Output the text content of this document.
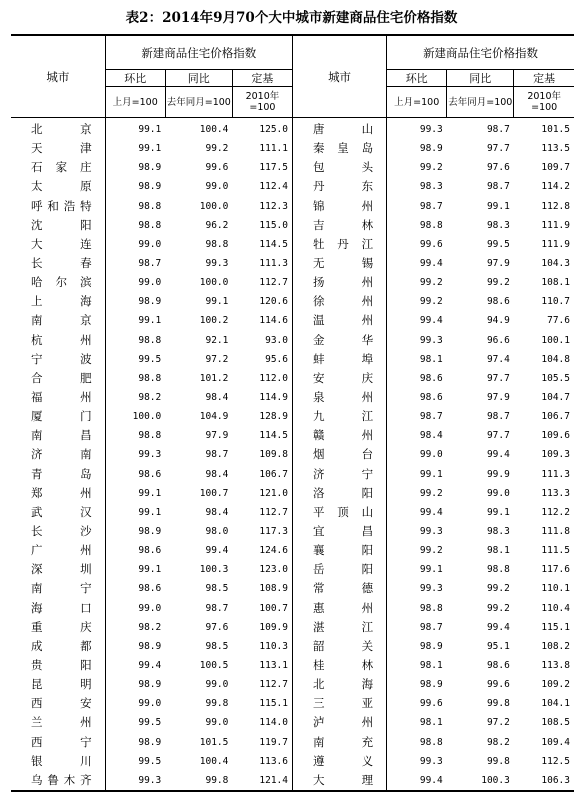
表2：2014年9月70个大中城市新建商品住宅价格指数
城市	新建商品住宅价格指数			城市	新建商品住宅价格指数		
	环比	同比	定基		环比	同比	定基
	上月=100	去年同月=100	2010年=100		上月=100	去年同月=100	2010年=100
北京	99.1	100.4	125.0	唐山	99.3	98.7	101.5
天津	99.1	99.2	111.1	秦皇岛	98.9	97.7	113.5
石家庄	98.9	99.6	117.5	包头	99.2	97.6	109.7
太原	98.9	99.0	112.4	丹东	98.3	98.7	114.2
呼和浩特	98.8	100.0	112.3	锦州	98.7	99.1	112.8
沈阳	98.8	96.2	115.0	吉林	98.8	98.3	111.9
大连	99.0	98.8	114.5	牡丹江	99.6	99.5	111.9
长春	98.7	99.3	111.3	无锡	99.4	97.9	104.3
哈尔滨	99.0	100.0	112.7	扬州	99.2	99.2	108.1
上海	98.9	99.1	120.6	徐州	99.2	98.6	110.7
南京	99.1	100.2	114.6	温州	99.4	94.9	77.6
杭州	98.8	92.1	93.0	金华	99.3	96.6	100.1
宁波	99.5	97.2	95.6	蚌埠	98.1	97.4	104.8
合肥	98.8	101.2	112.0	安庆	98.6	97.7	105.5
福州	98.2	98.4	114.9	泉州	98.6	97.9	104.7
厦门	100.0	104.9	128.9	九江	98.7	98.7	106.7
南昌	98.8	97.9	114.5	赣州	98.4	97.7	109.6
济南	99.3	98.7	109.8	烟台	99.0	99.4	109.3
青岛	98.6	98.4	106.7	济宁	99.1	99.9	111.3
郑州	99.1	100.7	121.0	洛阳	99.2	99.0	113.3
武汉	99.1	98.4	112.7	平顶山	99.4	99.1	112.2
长沙	98.9	98.0	117.3	宜昌	99.3	98.3	111.8
广州	98.6	99.4	124.6	襄阳	99.2	98.1	111.5
深圳	99.1	100.3	123.0	岳阳	99.1	98.8	117.6
南宁	98.6	98.5	108.9	常德	99.3	99.2	110.1
海口	99.0	98.7	100.7	惠州	98.8	99.2	110.4
重庆	98.2	97.6	109.9	湛江	98.7	99.4	115.1
成都	98.9	98.5	110.3	韶关	98.9	95.1	108.2
贵阳	99.4	100.5	113.1	桂林	98.1	98.6	113.8
昆明	98.9	99.0	112.7	北海	98.9	99.6	109.2
西安	99.0	99.8	115.1	三亚	99.6	99.8	104.1
兰州	99.5	99.0	114.0	泸州	98.1	97.2	108.5
西宁	98.9	101.5	119.7	南充	98.8	98.2	109.4
银川	99.5	100.4	113.6	遵义	99.3	99.8	112.5
乌鲁木齐	99.3	99.8	121.4	大理	99.4	100.3	106.3
